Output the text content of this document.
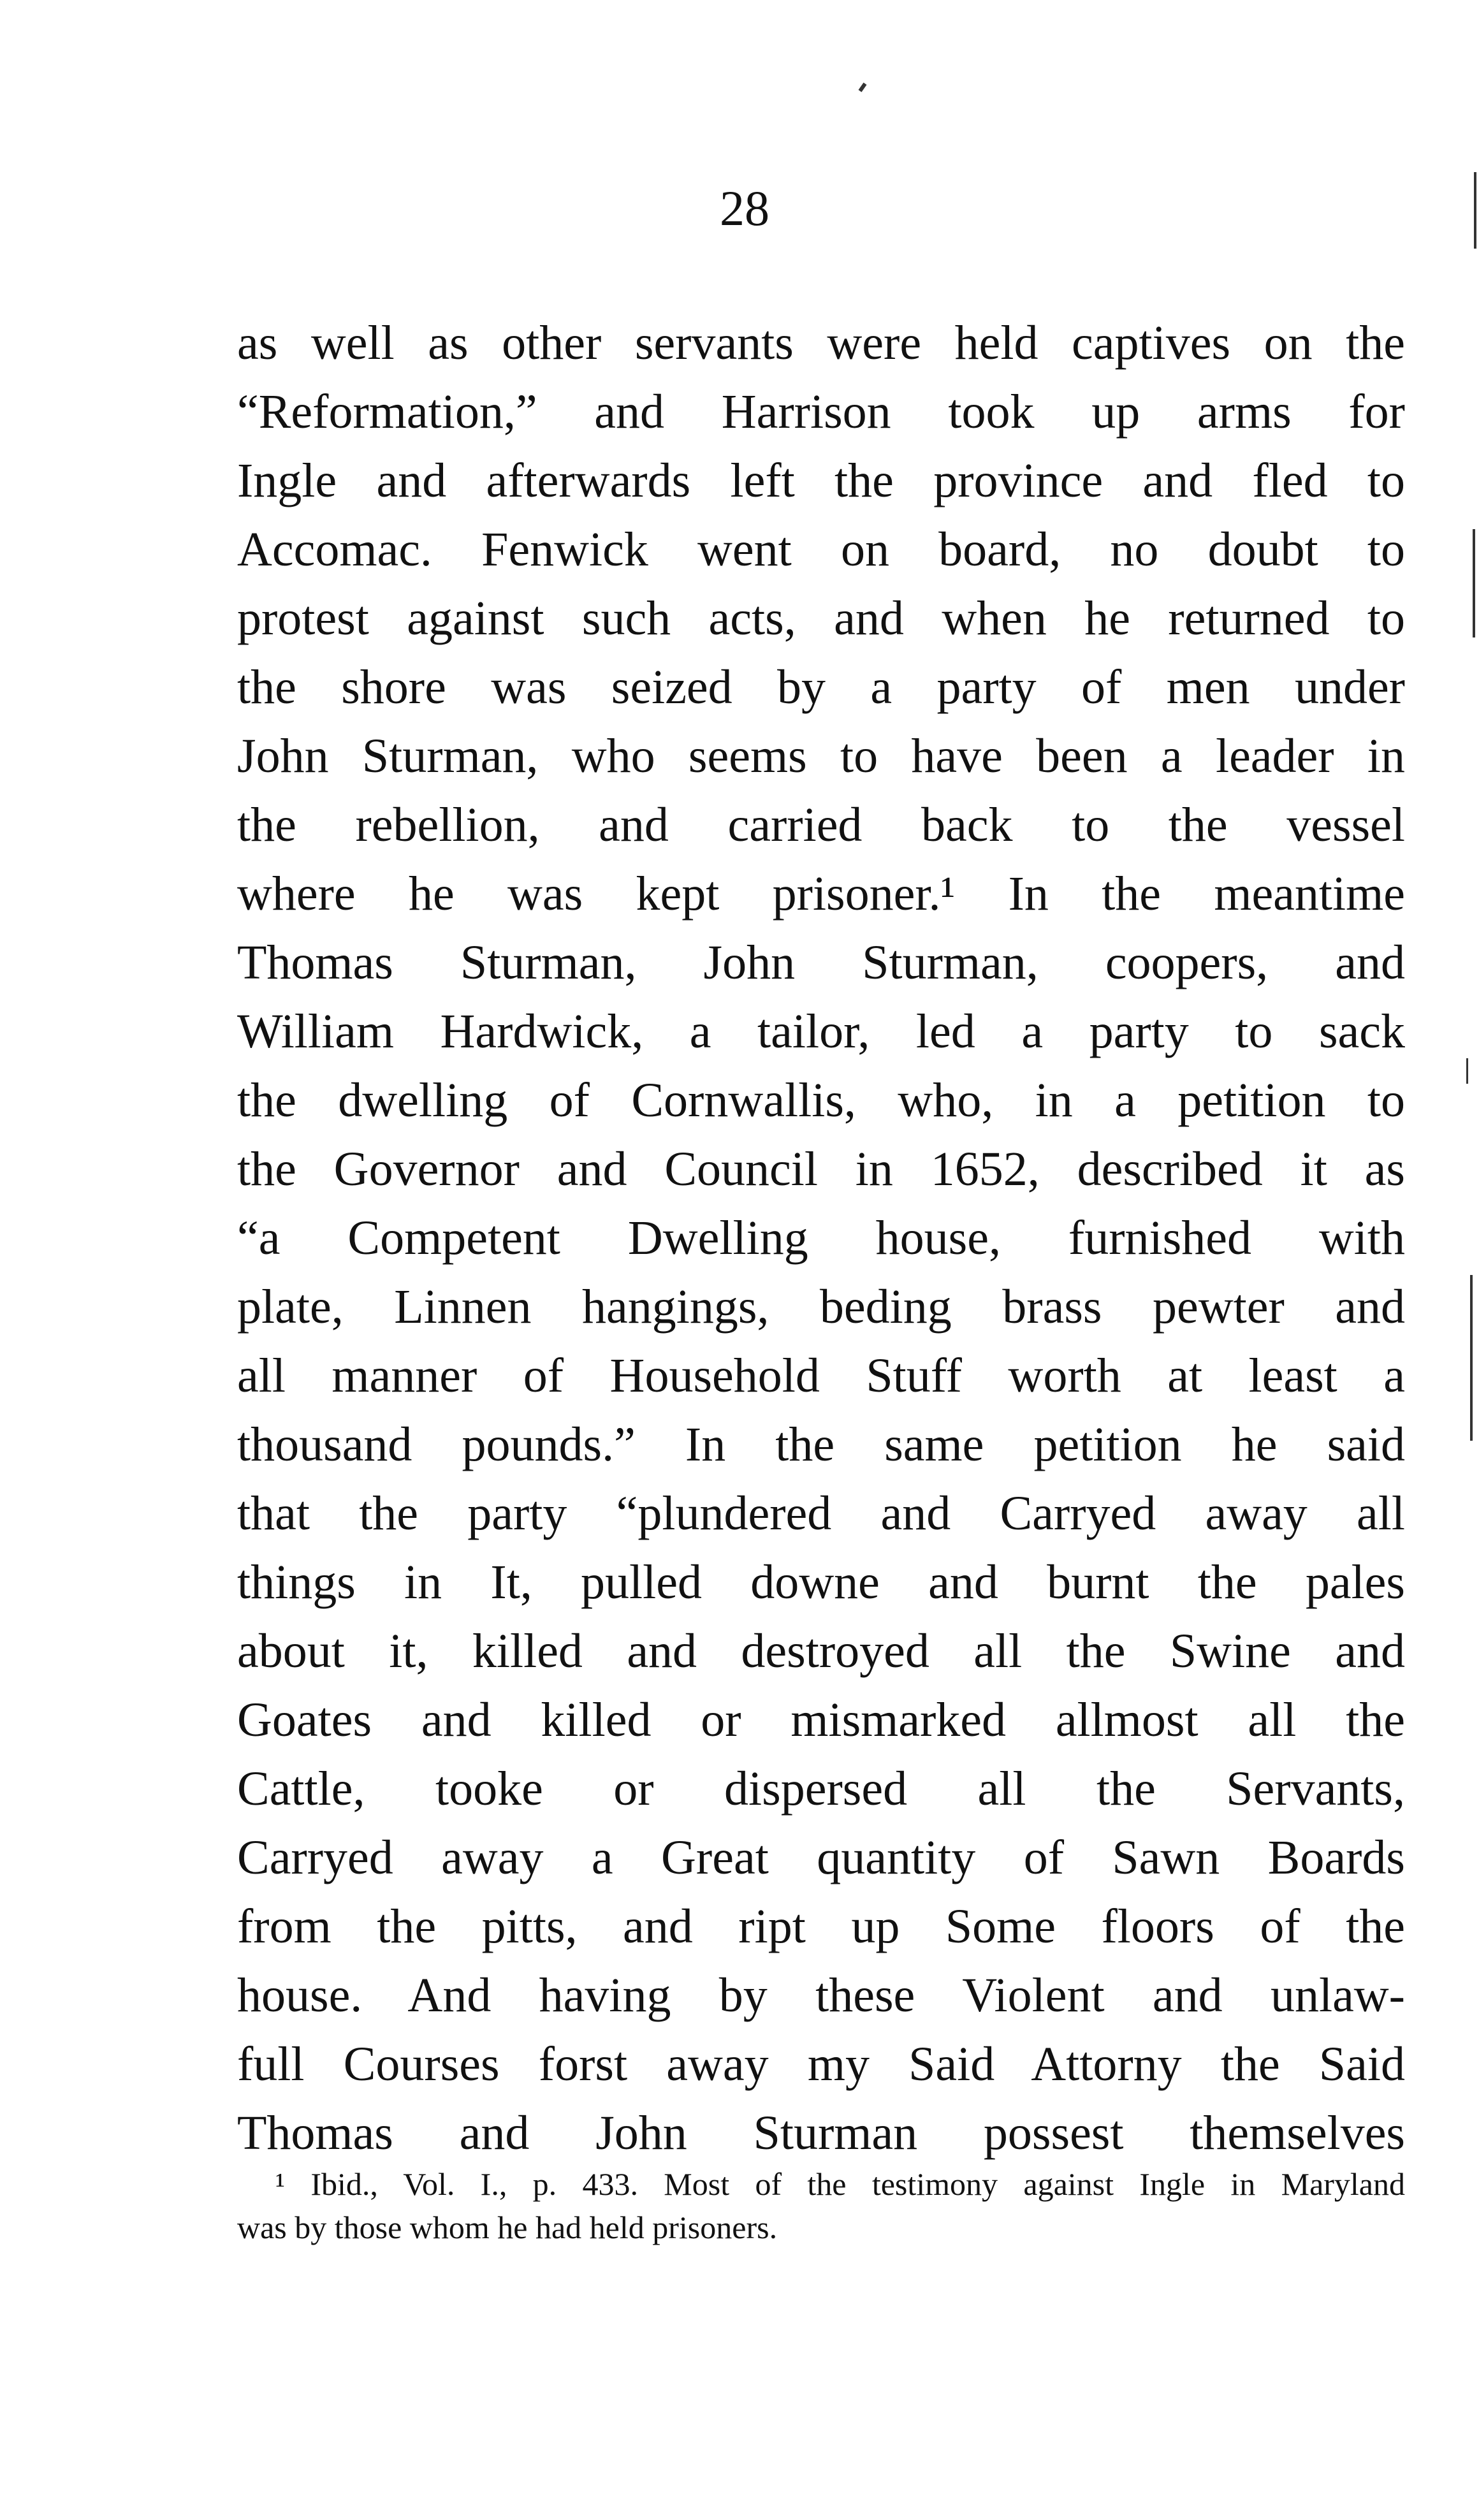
28
as well as other servants were held captives on the
“Reformation,” and Harrison took up arms for
Ingle and afterwards left the province and fled to
Accomac. Fenwick went on board, no doubt to
protest against such acts, and when he returned to
the shore was seized by a party of men under
John Sturman, who seems to have been a leader in
the rebellion, and carried back to the vessel
where he was kept prisoner.¹ In the meantime
Thomas Sturman, John Sturman, coopers, and
William Hardwick, a tailor, led a party to sack
the dwelling of Cornwallis, who, in a petition to
the Governor and Council in 1652, described it as
“a Competent Dwelling house, furnished with
plate, Linnen hangings, beding brass pewter and
all manner of Household Stuff worth at least a
thousand pounds.” In the same petition he said
that the party “plundered and Carryed away all
things in It, pulled downe and burnt the pales
about it, killed and destroyed all the Swine and
Goates and killed or mismarked allmost all the
Cattle, tooke or dispersed all the Servants,
Carryed away a Great quantity of Sawn Boards
from the pitts, and ript up Some floors of the
house. And having by these Violent and unlaw-
full Courses forst away my Said Attorny the Said
Thomas and John Sturman possest themselves
¹ Ibid., Vol. I., p. 433. Most of the testimony against Ingle in Maryland
was by those whom he had held prisoners.
